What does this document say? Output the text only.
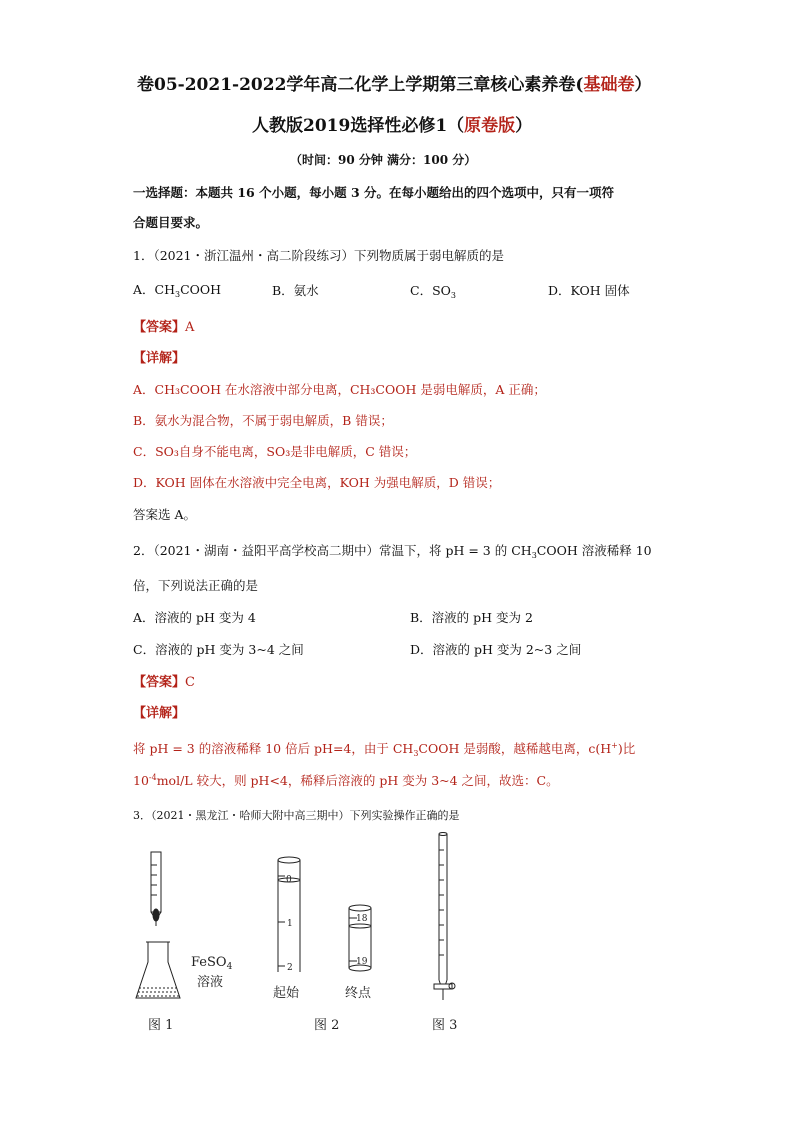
卷05-2021-2022学年高二化学上学期第三章核心素养卷(基础卷）
人教版2019选择性必修1（原卷版）
（时间：90 分钟 满分：100 分）
一选择题：本题共 16 个小题，每小题 3 分。在每小题给出的四个选项中，只有一项符
合题目要求。
1．（2021・浙江温州・高二阶段练习）下列物质属于弱电解质的是
A．$CH_3COOH$	B．氨水	C．$SO_3$	D．KOH 固体
【答案】A
【详解】
A．CH₃COOH 在水溶液中部分电离，CH₃COOH 是弱电解质，A 正确；
B．氨水为混合物，不属于弱电解质，B 错误；
C．SO₃自身不能电离，SO₃是非电解质，C 错误；
D．KOH 固体在水溶液中完全电离，KOH 为强电解质，D 错误；
答案选 A。
2．（2021・湖南・益阳平高学校高二期中）常温下，将 pH = 3 的 $CH_3COOH$ 溶液稀释 10
倍，下列说法正确的是
A．溶液的 pH 变为 4	B．溶液的 pH 变为 2
C．溶液的 pH 变为 3~4 之间	D．溶液的 pH 变为 2~3 之间
【答案】C
【详解】
将 pH = 3 的溶液稀释 10 倍后 pH=4，由于 $CH_3COOH$ 是弱酸，越稀越电离，c(H+)比
$10^{-4}mol/L$ 较大，则 pH<4，稀释后溶液的 pH 变为 3~4 之间，故选：C。
3．（2021・黑龙江・哈师大附中高三期中）下列实验操作正确的是
FeSO$_4$
溶液
图 1
0
1
2
起始
18
19
终点
图 2	图 3
